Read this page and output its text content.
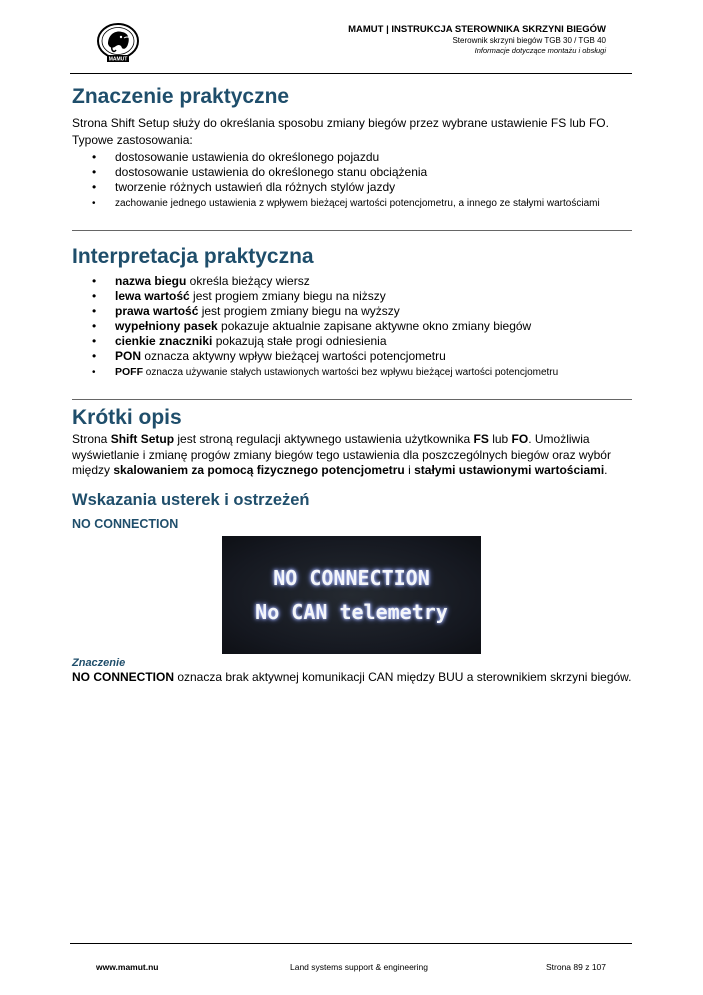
MAMUT
MAMUT | INSTRUKCJA STEROWNIKA SKRZYNI BIEGÓW
Sterownik skrzyni biegów TGB 30 / TGB 40
Informacje dotyczące montażu i obsługi
Znaczenie praktyczne

Strona Shift Setup służy do określania sposobu zmiany biegów przez wybrane ustawienie FS lub FO.

Typowe zastosowania:

• dostosowanie ustawienia do określonego pojazdu
• dostosowanie ustawienia do określonego stanu obciążenia
• tworzenie różnych ustawień dla różnych stylów jazdy
• zachowanie jednego ustawienia z wpływem bieżącej wartości potencjometru, a innego ze stałymi wartościami
Interpretacja praktyczna
• nazwa biegu określa bieżący wiersz
• lewa wartość jest progiem zmiany biegu na niższy
• prawa wartość jest progiem zmiany biegu na wyższy
• wypełniony pasek pokazuje aktualnie zapisane aktywne okno zmiany biegów
• cienkie znaczniki pokazują stałe progi odniesienia
• PON oznacza aktywny wpływ bieżącej wartości potencjometru
• POFF oznacza używanie stałych ustawionych wartości bez wpływu bieżącej wartości potencjometru
Krótki opis

Strona Shift Setup jest stroną regulacji aktywnego ustawienia użytkownika FS lub FO. Umożliwia wyświetlanie i zmianę progów zmiany biegów tego ustawienia dla poszczególnych biegów oraz wybór między skalowaniem za pomocą fizycznego potencjometru i stałymi ustawionymi wartościami.

Wskazania usterek i ostrzeżeń
NO CONNECTION
NO CONNECTION
No CAN telemetry
Znaczenie

NO CONNECTION oznacza brak aktywnej komunikacji CAN między BUU a sterownikiem skrzyni biegów.

www.mamut.nu	Land systems support & engineering	Strona 89 z 107
